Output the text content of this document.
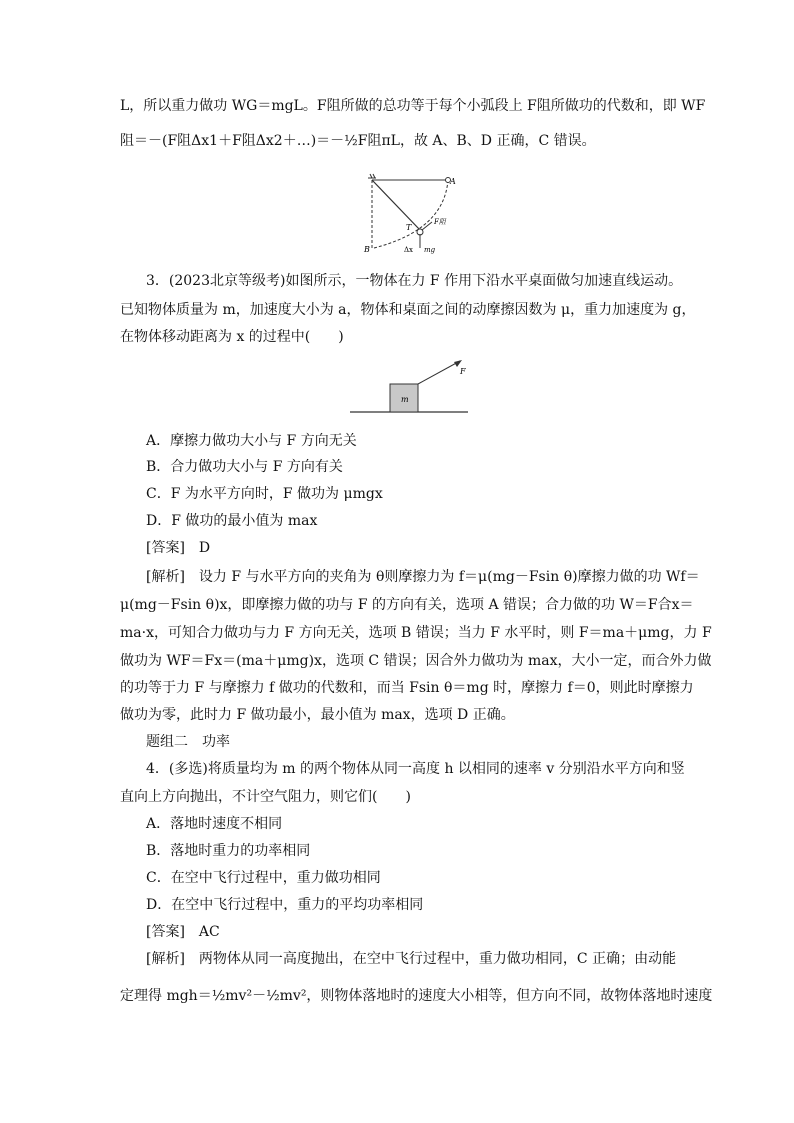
L，所以重力做功 WG＝mgL。F阻所做的总功等于每个小弧段上 F阻所做功的代数和，即 WF
阻＝－(F阻Δx1＋F阻Δx2＋…)＝－½F阻πL，故 A、B、D 正确，C 错误。
A
B
T
F阻
Δx mg
3．(2023北京等级考)如图所示，一物体在力 F 作用下沿水平桌面做匀加速直线运动。
已知物体质量为 m，加速度大小为 a，物体和桌面之间的动摩擦因数为 μ，重力加速度为 g，
在物体移动距离为 x 的过程中(　　)
m
F
A．摩擦力做功大小与 F 方向无关
B．合力做功大小与 F 方向有关
C．F 为水平方向时，F 做功为 μmgx
D．F 做功的最小值为 max
[答案]　D
[解析]　设力 F 与水平方向的夹角为 θ则摩擦力为 f＝μ(mg－Fsin θ)摩擦力做的功 Wf＝
μ(mg－Fsin θ)x，即摩擦力做的功与 F 的方向有关，选项 A 错误；合力做的功 W＝F合x＝
ma·x，可知合力做功与力 F 方向无关，选项 B 错误；当力 F 水平时，则 F＝ma＋μmg，力 F
做功为 WF＝Fx＝(ma＋μmg)x，选项 C 错误；因合外力做功为 max，大小一定，而合外力做
的功等于力 F 与摩擦力 f 做功的代数和，而当 Fsin θ＝mg 时，摩擦力 f＝0，则此时摩擦力
做功为零，此时力 F 做功最小，最小值为 max，选项 D 正确。
题组二　功率
4．(多选)将质量均为 m 的两个物体从同一高度 h 以相同的速率 v 分别沿水平方向和竖
直向上方向抛出，不计空气阻力，则它们(　　)
A．落地时速度不相同
B．落地时重力的功率相同
C．在空中飞行过程中，重力做功相同
D．在空中飞行过程中，重力的平均功率相同
[答案]　AC
[解析]　两物体从同一高度抛出，在空中飞行过程中，重力做功相同，C 正确；由动能
定理得 mgh＝½mv²－½mv²，则物体落地时的速度大小相等，但方向不同，故物体落地时速度
